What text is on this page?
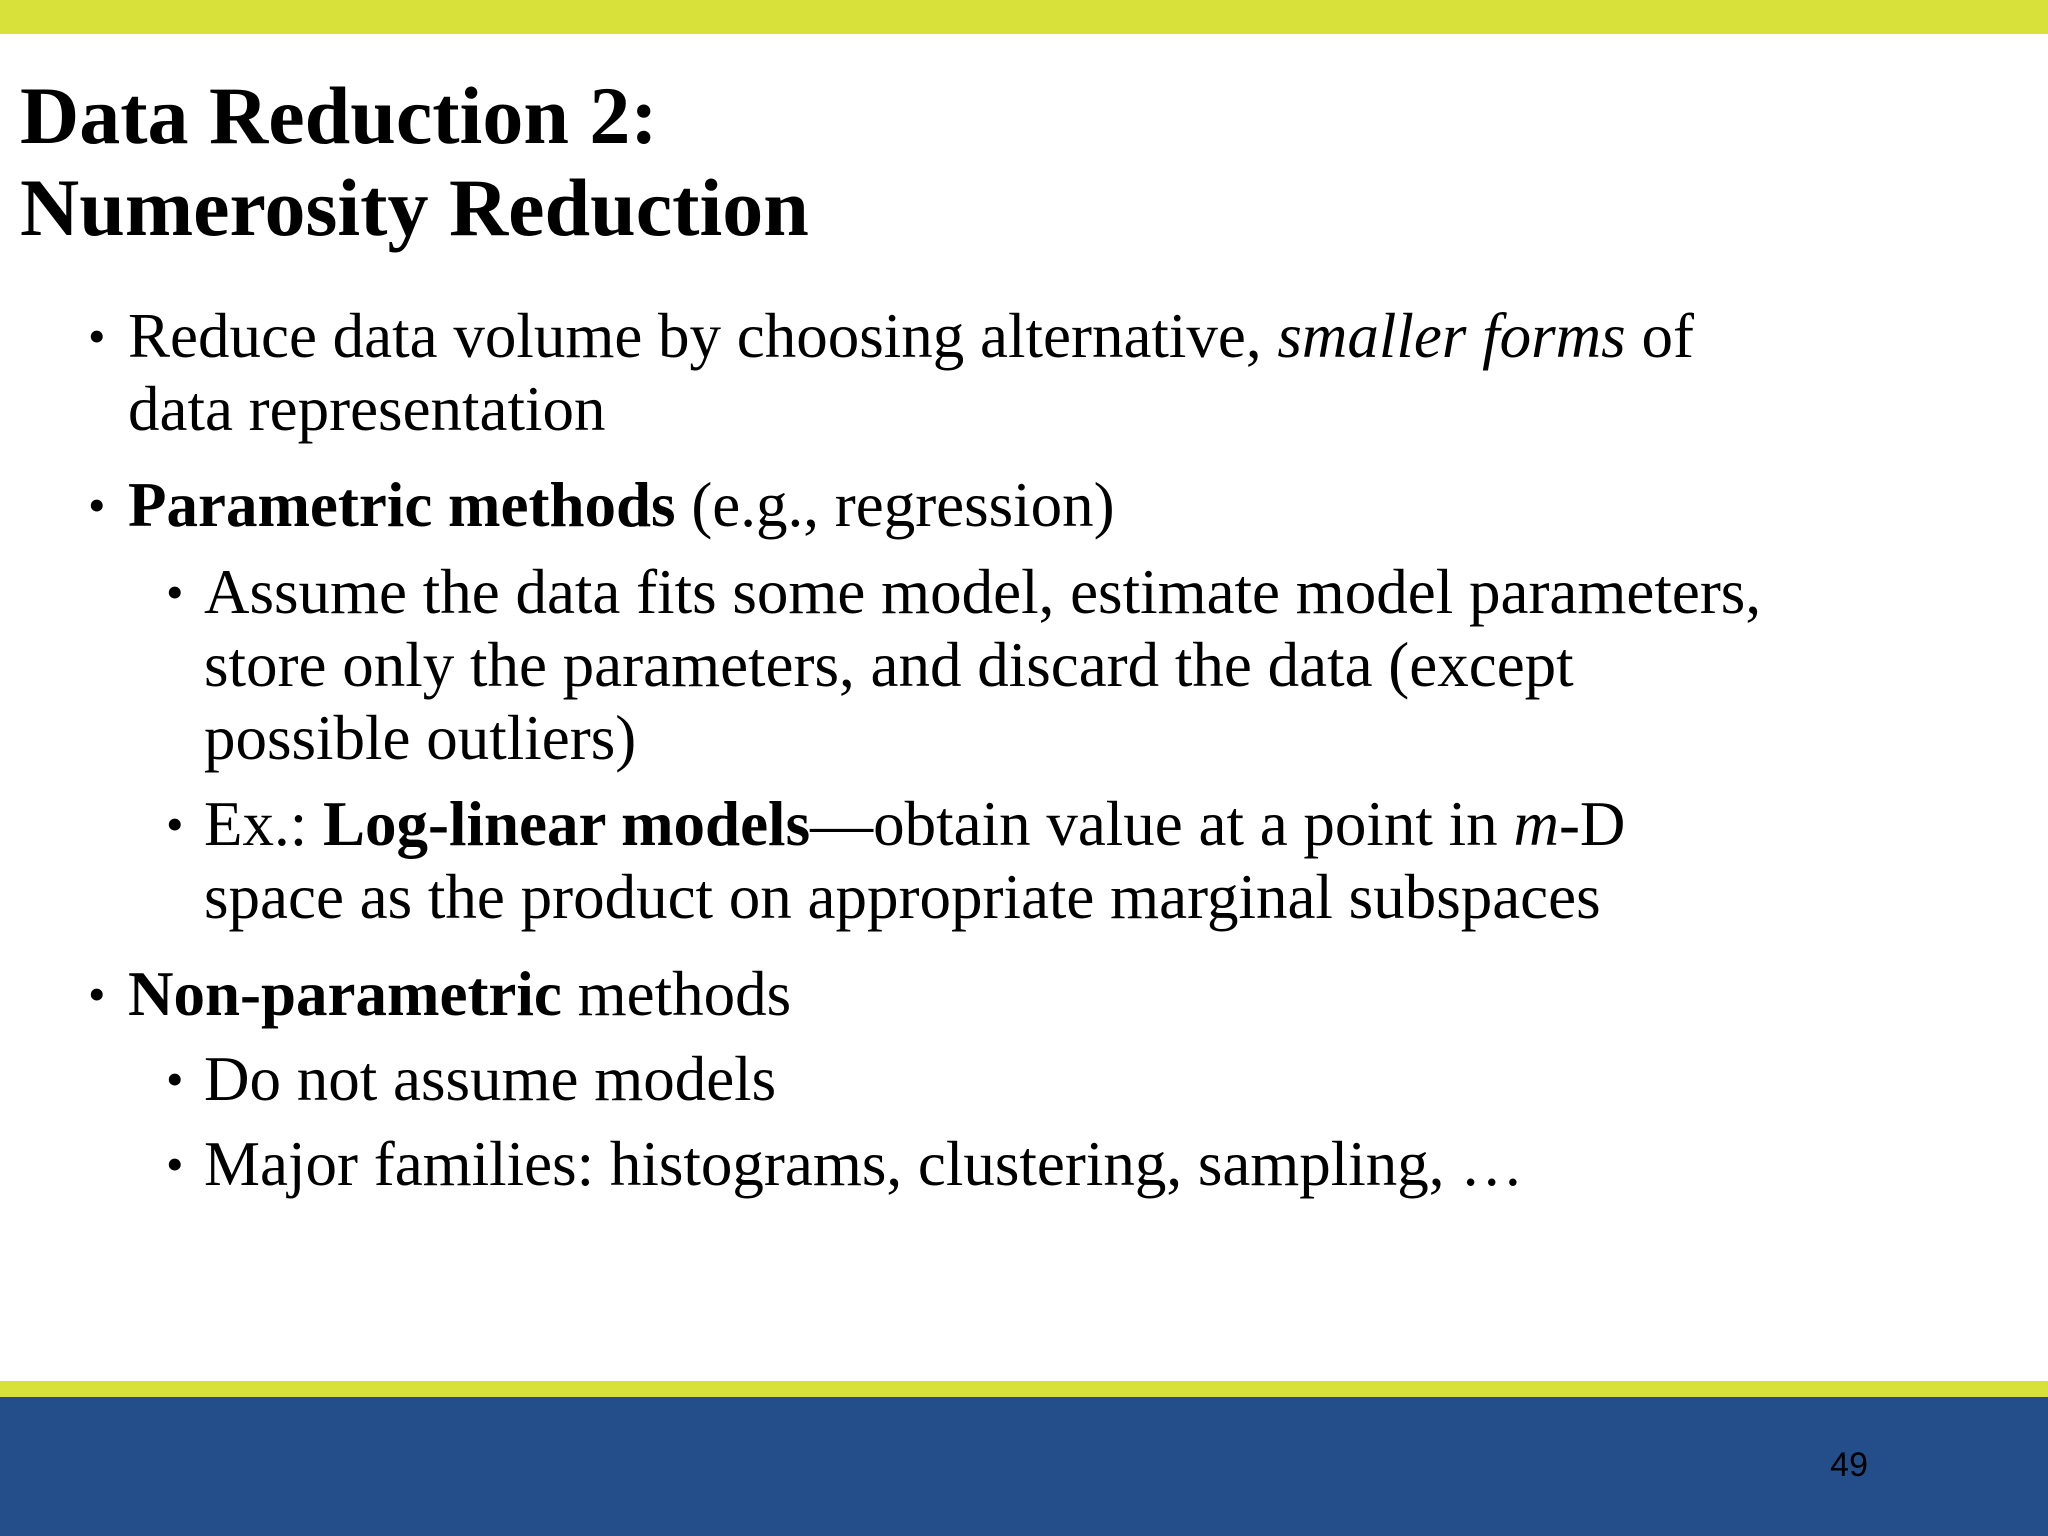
Data Reduction 2:
Numerosity Reduction
• Reduce data volume by choosing alternative, smaller forms of
data representation
• Parametric methods (e.g., regression)
• Assume the data fits some model, estimate model parameters,
store only the parameters, and discard the data (except
possible outliers)
• Ex.: Log-linear models—obtain value at a point in m-D
space as the product on appropriate marginal subspaces
• Non-parametric methods
• Do not assume models
• Major families: histograms, clustering, sampling, …
49
